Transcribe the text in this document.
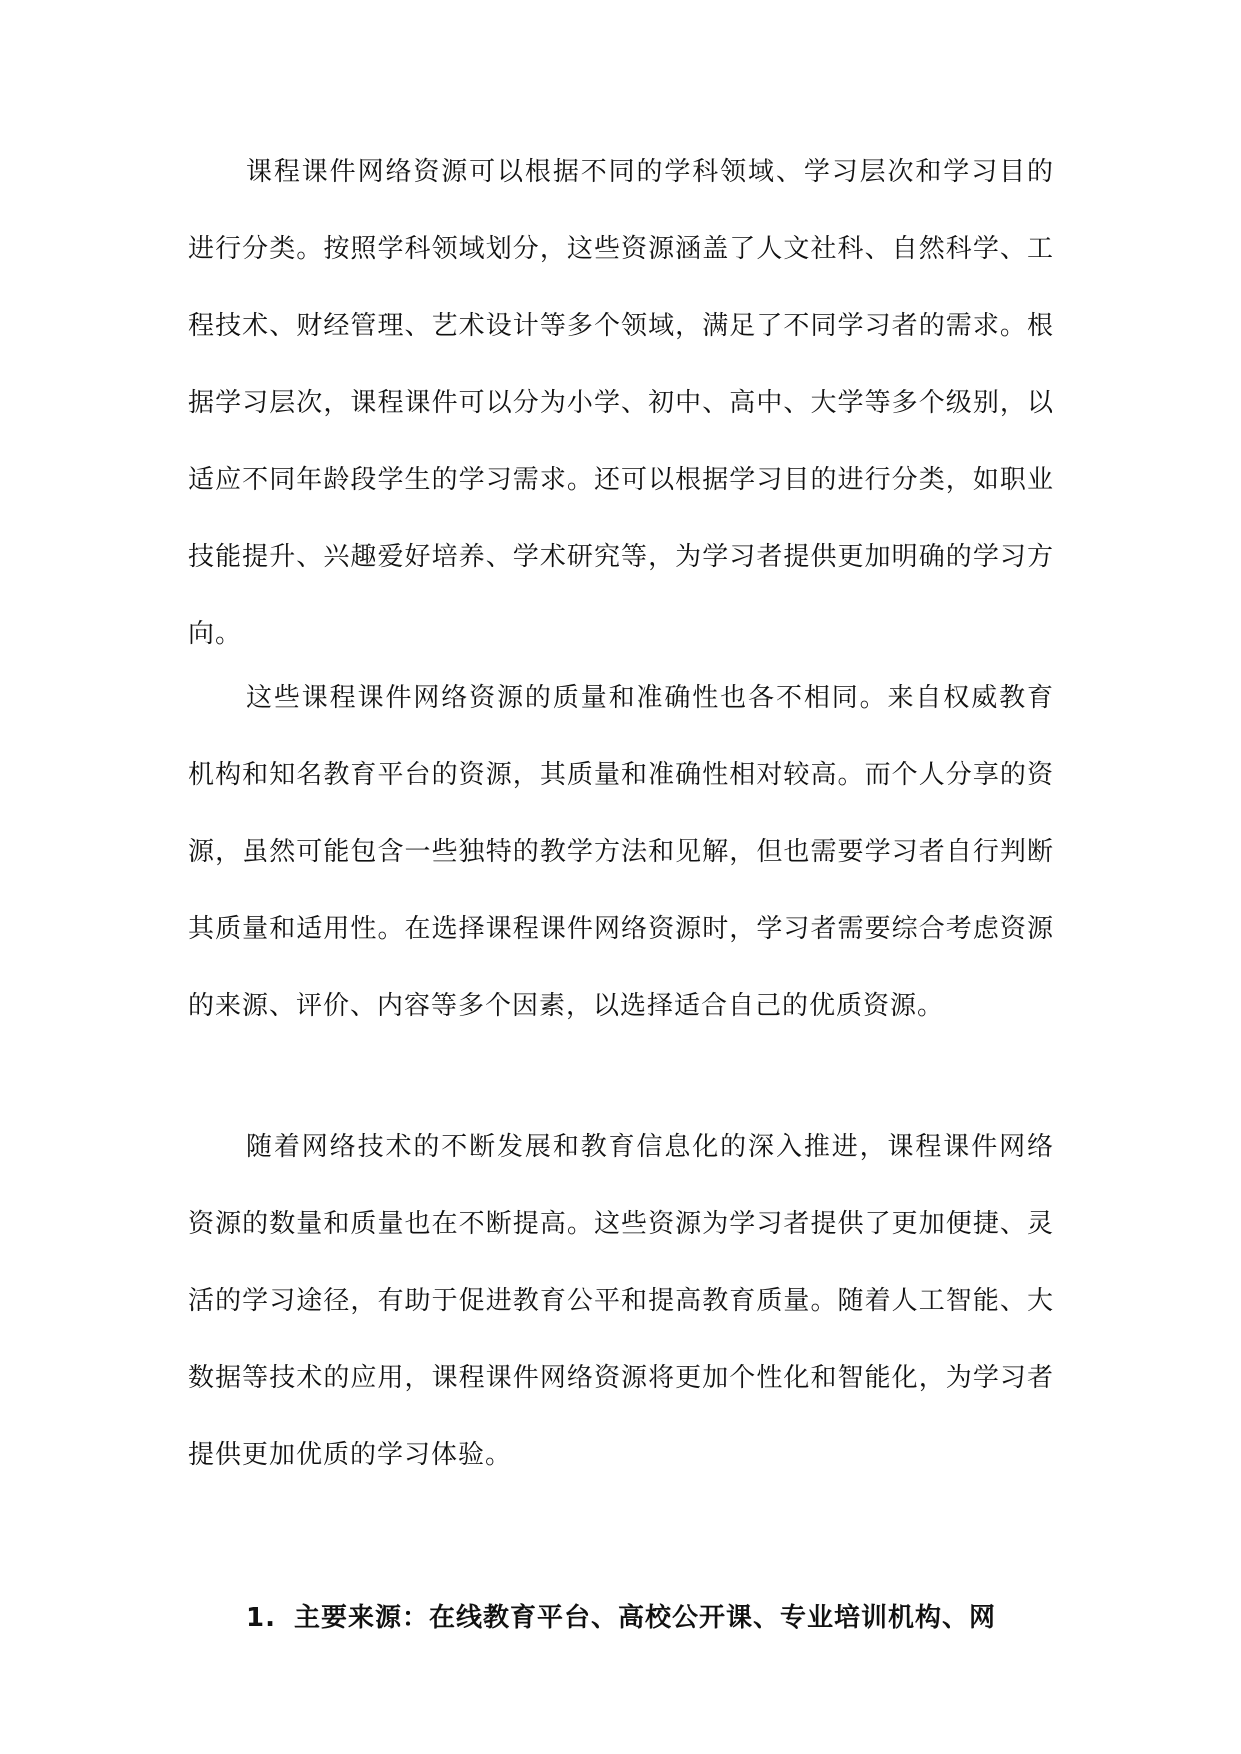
课程课件网络资源可以根据不同的学科领域、学习层次和学习目的进行分类。按照学科领域划分，这些资源涵盖了人文社科、自然科学、工程技术、财经管理、艺术设计等多个领域，满足了不同学习者的需求。根据学习层次，课程课件可以分为小学、初中、高中、大学等多个级别，以适应不同年龄段学生的学习需求。还可以根据学习目的进行分类，如职业技能提升、兴趣爱好培养、学术研究等，为学习者提供更加明确的学习方向。

这些课程课件网络资源的质量和准确性也各不相同。来自权威教育机构和知名教育平台的资源，其质量和准确性相对较高。而个人分享的资源，虽然可能包含一些独特的教学方法和见解，但也需要学习者自行判断其质量和适用性。在选择课程课件网络资源时，学习者需要综合考虑资源的来源、评价、内容等多个因素，以选择适合自己的优质资源。

随着网络技术的不断发展和教育信息化的深入推进，课程课件网络资源的数量和质量也在不断提高。这些资源为学习者提供了更加便捷、灵活的学习途径，有助于促进教育公平和提高教育质量。随着人工智能、大数据等技术的应用，课程课件网络资源将更加个性化和智能化，为学习者提供更加优质的学习体验。

1. 主要来源：在线教育平台、高校公开课、专业培训机构、网
